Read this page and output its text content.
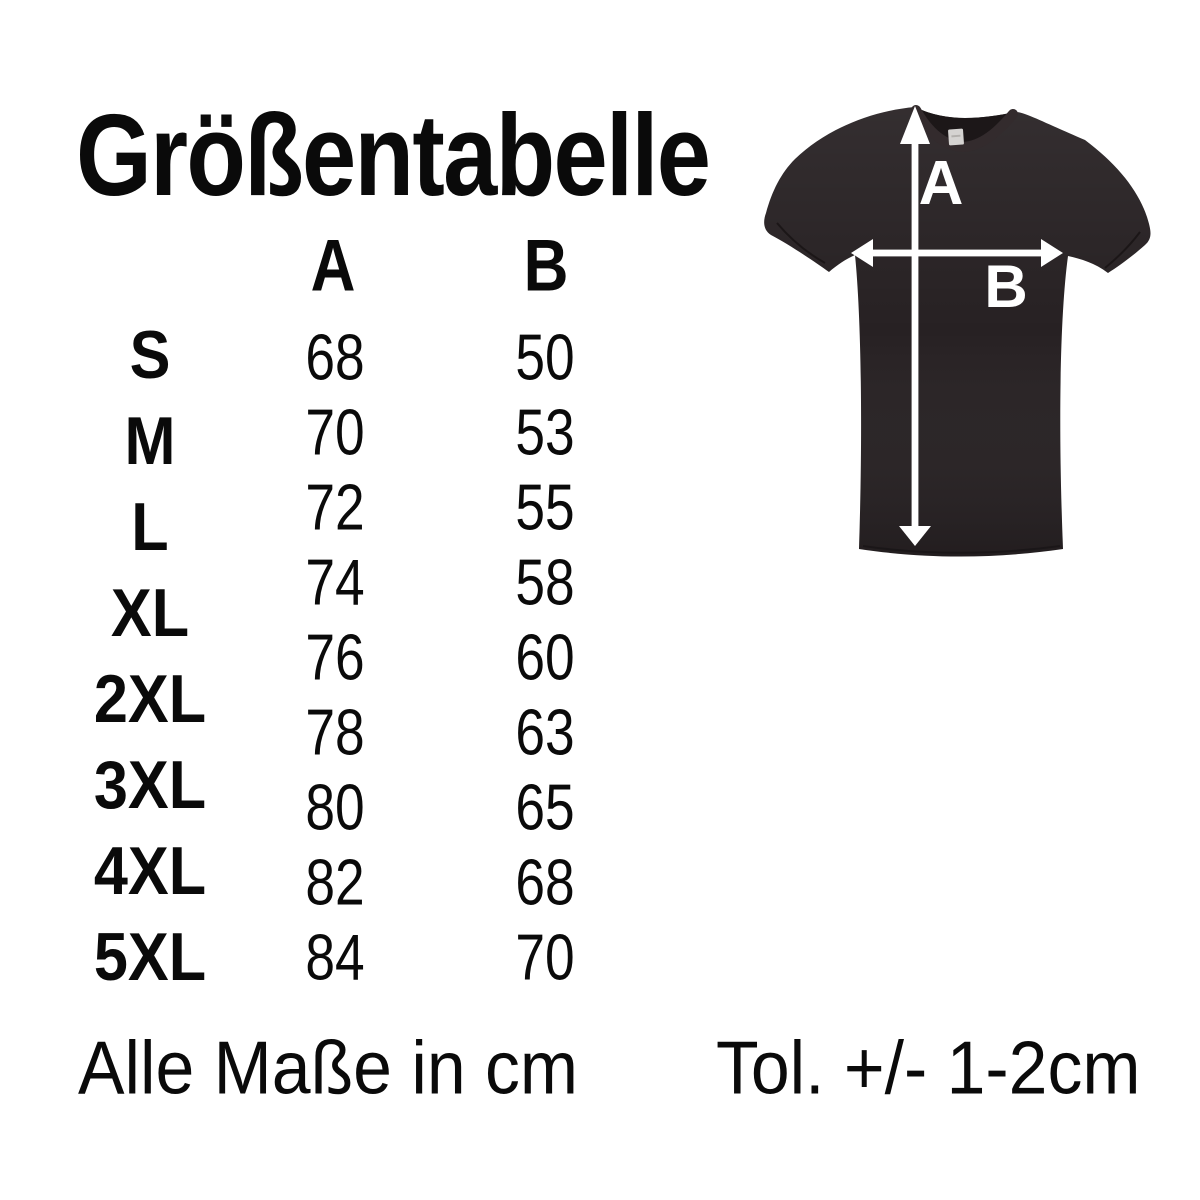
Größentabelle
A B
S
M
L
XL
2XL
3XL
4XL
5XL
68
70
72
74
76
78
80
82
84
50
53
55
58
60
63
65
68
70
Alle Maße in cm Tol. +/- 1-2cm
A
B
